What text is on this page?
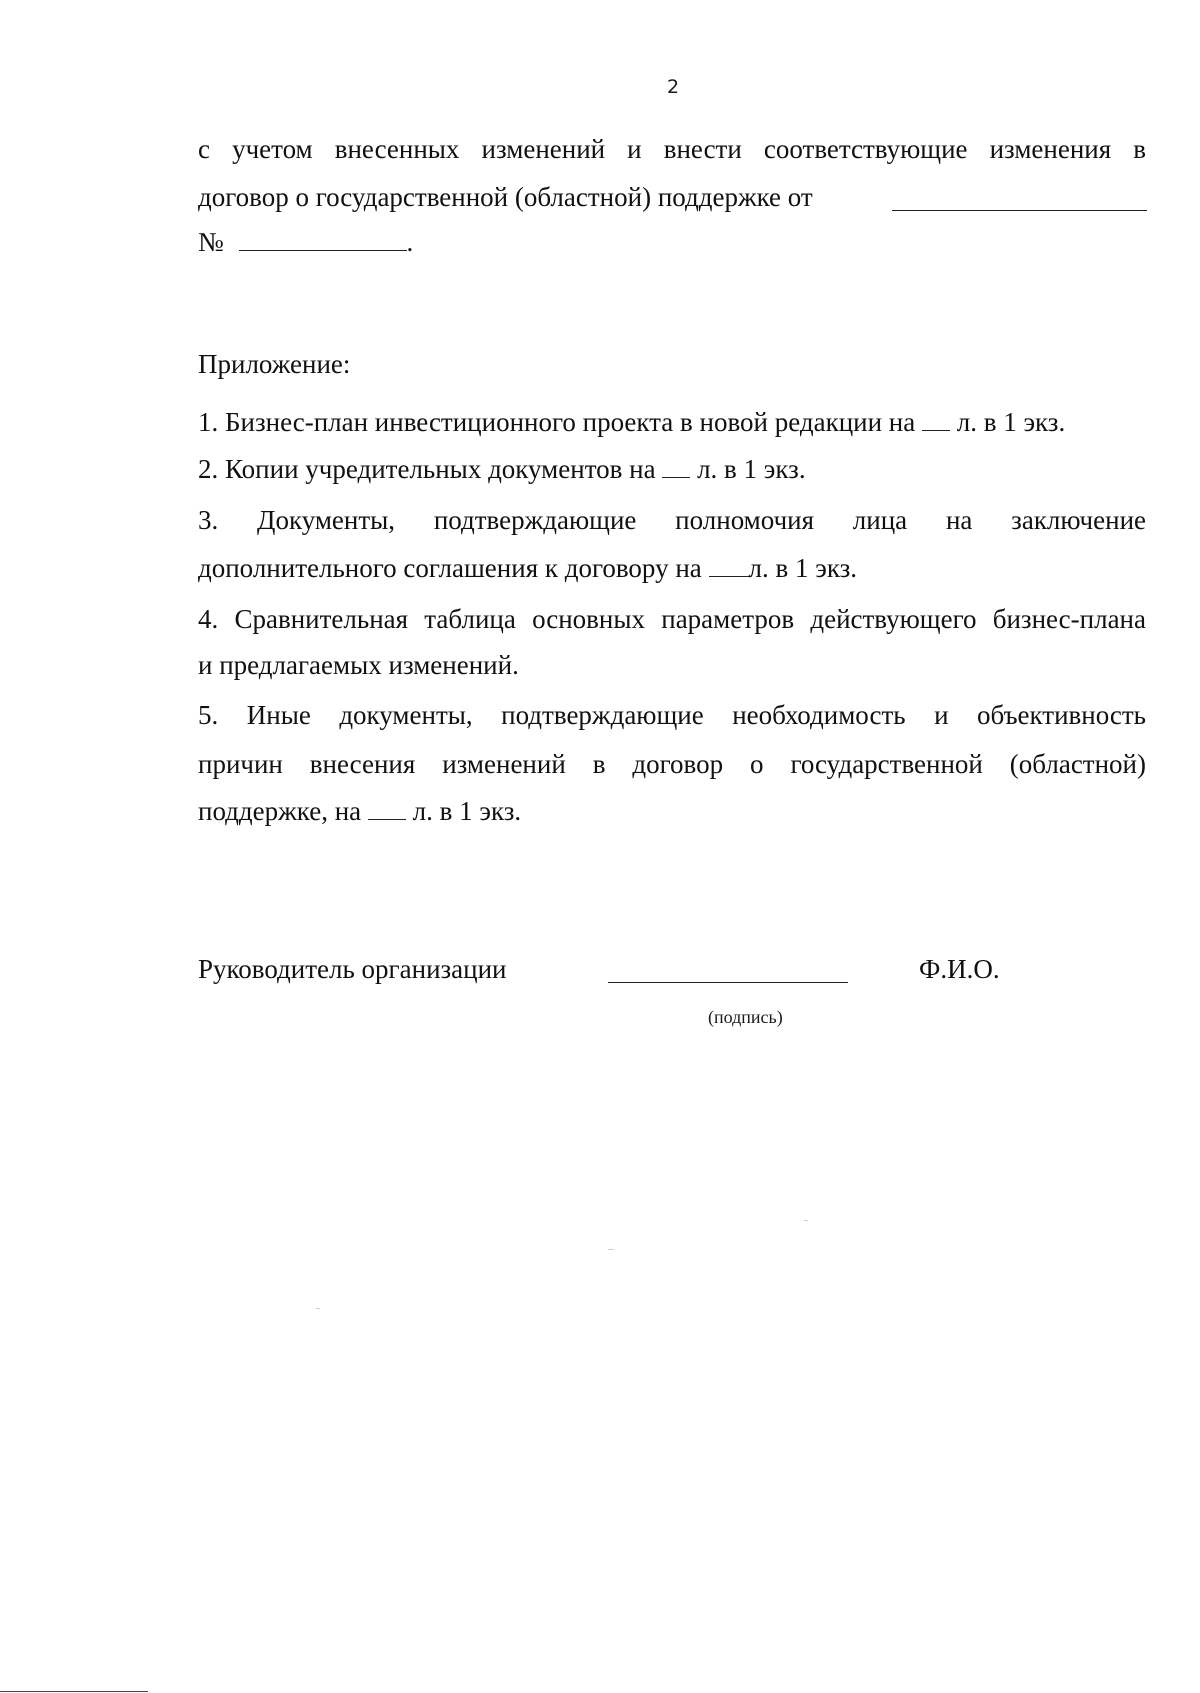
2
с учетом внесенных изменений и внести соответствующие изменения в
договор о государственной (областной) поддержке от
№	.
Приложение:
1. Бизнес-план инвестиционного проекта в новой редакции на л. в 1 экз.
2. Копии учредительных документов на л. в 1 экз.
3. Документы, подтверждающие полномочия лица на заключение
дополнительного соглашения к договору на л. в 1 экз.
4. Сравнительная таблица основных параметров действующего бизнес-плана
и предлагаемых изменений.
5. Иные документы, подтверждающие необходимость и объективность
причин внесения изменений в договор о государственной (областной)
поддержке, на л. в 1 экз.
Руководитель организации	Ф.И.О.
(подпись)
